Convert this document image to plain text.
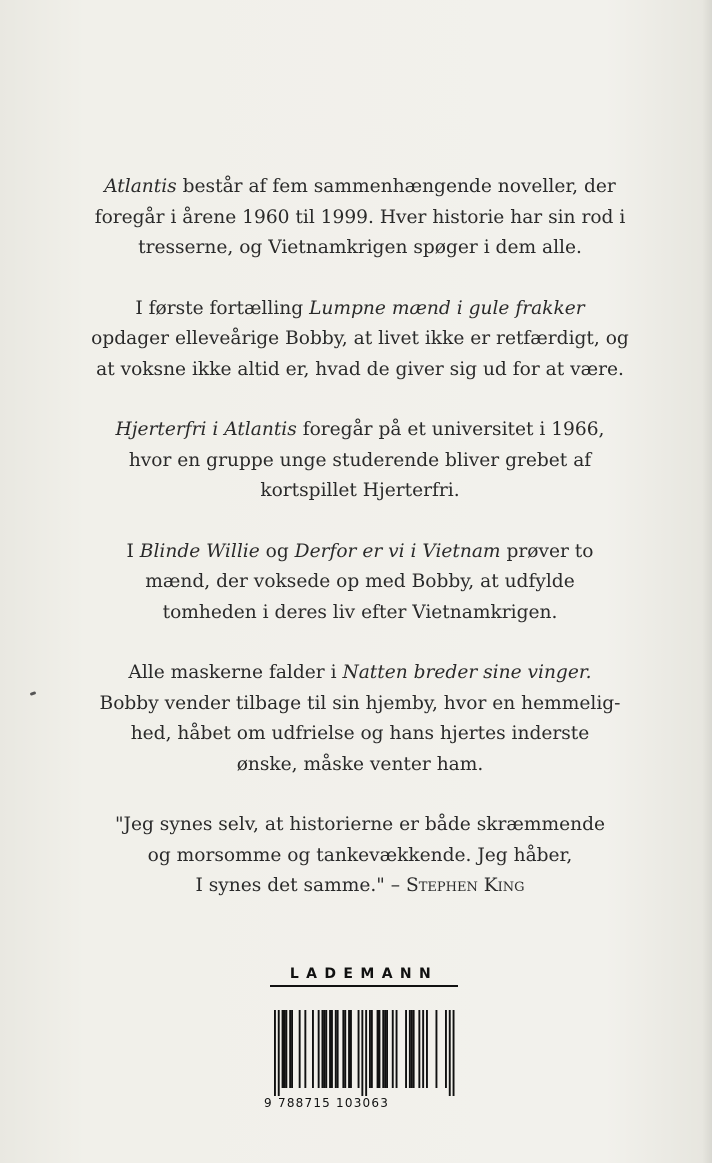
Atlantis består af fem sammenhængende noveller, der
foregår i årene 1960 til 1999. Hver historie har sin rod i
tresserne, og Vietnamkrigen spøger i dem alle.

I første fortælling Lumpne mænd i gule frakker
opdager elleveårige Bobby, at livet ikke er retfærdigt, og
at voksne ikke altid er, hvad de giver sig ud for at være.

Hjerterfri i Atlantis foregår på et universitet i 1966,
hvor en gruppe unge studerende bliver grebet af
kortspillet Hjerterfri.

I Blinde Willie og Derfor er vi i Vietnam prøver to
mænd, der voksede op med Bobby, at udfylde
tomheden i deres liv efter Vietnamkrigen.

Alle maskerne falder i Natten breder sine vinger.
Bobby vender tilbage til sin hjemby, hvor en hemmelig-
hed, håbet om udfrielse og hans hjertes inderste
ønske, måske venter ham.

"Jeg synes selv, at historierne er både skræmmende
og morsomme og tankevækkende. Jeg håber,
I synes det samme." – Stephen King

LADEMANN
9 788715 103063
